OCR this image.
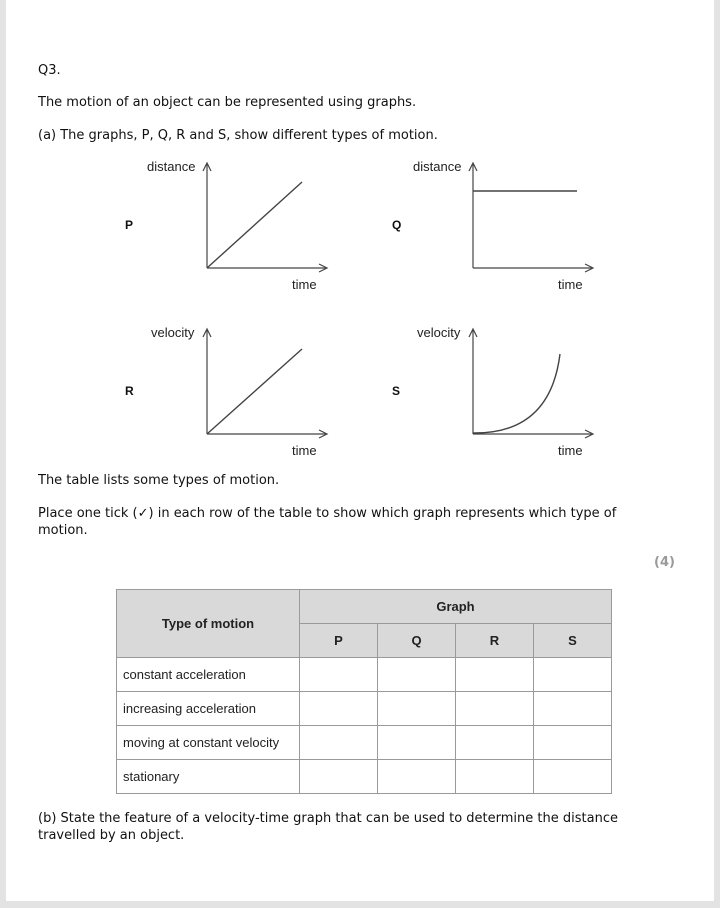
Q3.

The motion of an object can be represented using graphs.

(a) The graphs, P, Q, R and S, show different types of motion.

P
distance
time
Q
distance
time
R
velocity
time
S
velocity
time

The table lists some types of motion.

Place one tick (✓) in each row of the table to show which graph represents which type of motion.

(4)
Type of motion	Graph			
	P	Q	R	S
constant acceleration				
increasing acceleration				
moving at constant velocity				
stationary				

(b) State the feature of a velocity-time graph that can be used to determine the distance travelled by an object.
